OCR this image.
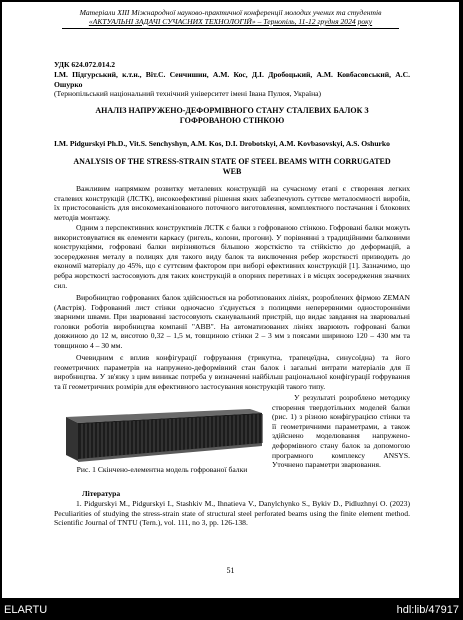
Матеріали XIII Міжнародної науково-практичної конференції молодих учених та студентів
«АКТУАЛЬНІ ЗАДАЧІ СУЧАСНИХ ТЕХНОЛОГІЙ» – Тернопіль, 11-12 грудня 2024 року
УДК 624.072.014.2
І.М. Підгурський, к.т.н., Віт.С. Сенчишин, А.М. Кос, Д.І. Дробоцький, А.М. Ковбасовський, А.С. Ошурко
(Тернопільський національний технічний університет імені Івана Пулюя, Україна)
АНАЛІЗ НАПРУЖЕНО-ДЕФОРМІВНОГО СТАНУ СТАЛЕВИХ БАЛОК З ГОФРОВАНОЮ СТІНКОЮ
I.M. Pidgurskyi Ph.D., Vit.S. Senchyshyn, A.M. Kos, D.I. Drobotskyi, A.M. Kovbasovskyi, A.S. Oshurko
ANALYSIS OF THE STRESS-STRAIN STATE OF STEEL BEAMS WITH CORRUGATED WEB
Важливим напрямком розвитку металевих конструкцій на сучасному етапі є створення легких сталевих конструкцій (ЛСТК), високоефективні рішення яких забезпечують суттєве металоємності виробів, їх пристосованість для високомеханізованого поточного виготовлення, комплектного постачання і блокових методів монтажу.
Одним з перспективних конструктивів ЛСТК є балки з гофрованою стінкою. Гофровані балки можуть використовуватися як елементи каркасу (ригель, колони, прогони). У порівнянні з традиційними балковими конструкціями, гофровані балки вирізняються більшою жорсткістю та стійкістю до деформацій, а зосередження металу в полицях для такого виду балок та виключення ребер жорсткості призводить до економії матеріалу до 45%, що є суттєвим фактором при виборі ефективних конструкцій [1]. Зазначимо, що ребра жорсткості застосовують для таких конструкцій в опорних перетинах і в місцях зосередження значних сил.
Виробництво гофрованих балок здійснюється на роботизованих лініях, розроблених фірмою ZEMAN (Австрія). Гофрований лист стінки одночасно з'єднується з полицями неперервними односторонніми зварними швами. При зварюванні застосовують сканувальний пристрій, що видає завдання на зварювальні головки роботів виробництва компанії "ABB". На автоматизованих лініях зварюють гофровані балки довжиною до 12 м, висотою 0,32 – 1,5 м, товщиною стінки 2 – 3 мм з поясами шириною 120 – 430 мм та товщиною 4 – 30 мм.
Очевидним є вплив конфігурації гофрування (трикутна, трапецеїдна, синусоїдна) та його геометричних параметрів на напружено-деформівний стан балок і загальні витрати матеріалів для її виробництва. У зв'язку з цим виникає потреба у визначенні найбільш раціональної конфігурації гофрування та її геометричних розмірів для ефективного застосування конструкцій такого типу.
Рис. 1 Скінчено-елементна модель гофрованої балки
У результаті розроблено методику створення твердотільних моделей балки (рис. 1) з різною конфігурацією стінки та її геометричними параметрами, а також здійснено моделювання напружено-деформівного стану балок за допомогою програмного комплексу ANSYS. Уточнено параметри зварювання.
Література
1. Pidgurskyi M., Pidgurskyi I., Stashkiv M., Ihnatieva V., Danylchynko S., Bykiv D., Pidluzhnyi O. (2023) Peculiarities of studying the stress-strain state of structural steel perforated beams using the finite element method. Scientific Journal of TNTU (Tern.), vol. 111, no 3, pp. 126-138.
51
ELARTU	hdl:lib/47917
